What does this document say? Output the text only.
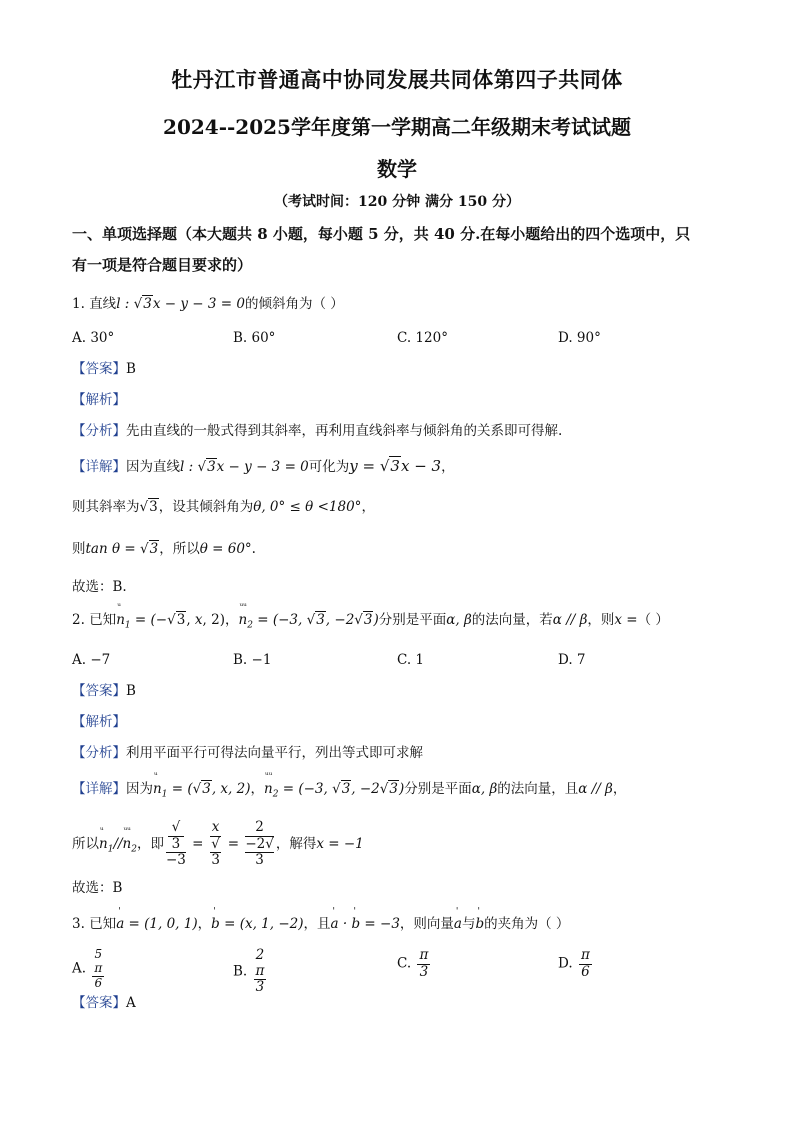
牡丹江市普通高中协同发展共同体第四子共同体
2024--2025学年度第一学期高二年级期末考试试题
数学
（考试时间：120 分钟 满分 150 分）
一、单项选择题（本大题共 8 小题，每小题 5 分，共 40 分.在每小题给出的四个选项中，只
有一项是符合题目要求的）
1. 直线l : √3x − y − 3 = 0的倾斜角为（ ）
A. 30°	B. 60°	C. 120°	D. 90°
【答案】B
【解析】
【分析】先由直线的一般式得到其斜率，再利用直线斜率与倾斜角的关系即可得解.
【详解】因为直线l : √3x − y − 3 = 0可化为y = √3x − 3，
则其斜率为√3，设其倾斜角为θ, 0° ≤ θ <180°，
则tan θ = √3，所以θ = 60°.
故选：B.
2. 已知ᵘ $n_1 = (-√3$, x, 2)，ᵘᵘ $n_2 = (-3$, √3, −2√3)分别是平面α, β的法向量，若α // β，则x =（ ）
A. −7	B. −1	C. 1	D. 7
【答案】B
【解析】
【分析】利用平面平行可得法向量平行，列出等式即可求解
【详解】因为ᵘ $n_1 = (√3$, x, 2)，ᵘᵘ $n_2 = (-3$, √3, −2√3)分别是平面α, β的法向量，且α // β，
所以ᵘ $n_1//ᵘᵘ$ $n_2$，即 √
3
−3 = x
√
3 = 2
−2√
3 ，解得x = −1
故选：B
3. 已知' a = (1, 0, 1)，' b = (x, 1, −2)，且' a · ' b = −3，则向量' a与' b的夹角为（ ）
A. 5
π
6	B. 2
π
3	C. $\frac{\pi}{3}$	D. $\frac{\pi}{6}$
【答案】A
